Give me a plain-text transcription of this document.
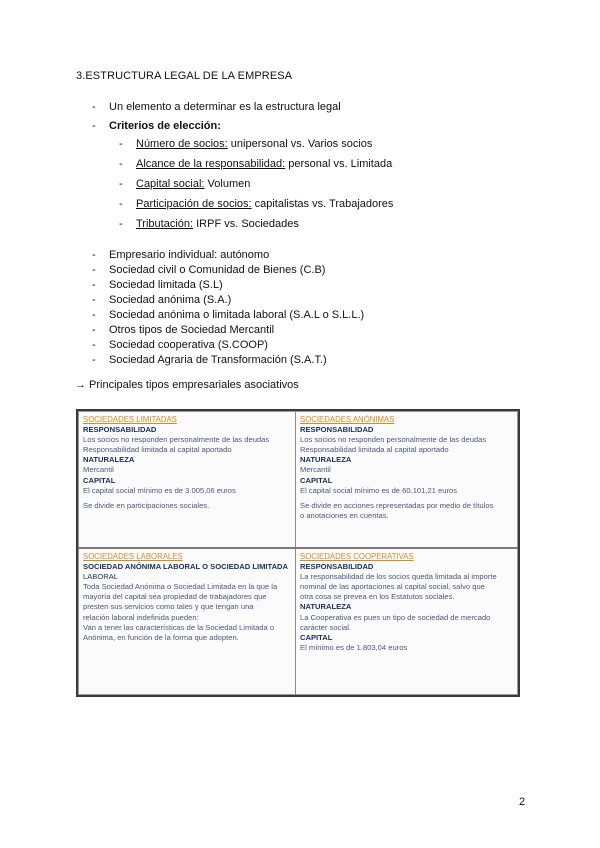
3.ESTRUCTURA LEGAL DE LA EMPRESA
- Un elemento a determinar es la estructura legal
- Criterios de elección:
- Número de socios: unipersonal vs. Varios socios
- Alcance de la responsabilidad: personal vs. Limitada
- Capital social: Volumen
- Participación de socios: capitalistas vs. Trabajadores
- Tributación: IRPF vs. Sociedades
- Empresario individual: autónomo
- Sociedad civil o Comunidad de Bienes (C.B)
- Sociedad limitada (S.L)
- Sociedad anónima (S.A.)
- Sociedad anónima o limitada laboral (S.A.L o S.L.L.)
- Otros tipos de Sociedad Mercantil
- Sociedad cooperativa (S.COOP)
- Sociedad Agraria de Transformación (S.A.T.)
→ Principales tipos empresariales asociativos
SOCIEDADES LIMITADAS
RESPONSABILIDAD
Los socios no responden personalmente de las deudas
Responsabilidad limitada al capital aportado
NATURALEZA
Mercantil
CAPITAL
El capital social mínimo es de 3.005,06 euros
Se divide en participaciones sociales.
SOCIEDADES ANÓNIMAS
RESPONSABILIDAD
Los socios no responden personalmente de las deudas
Responsabilidad limitada al capital aportado
NATURALEZA
Mercantil
CAPITAL
El capital social mínimo es de 60.101,21 euros
Se divide en acciones representadas por medio de títulos
o anotaciones en cuentas.
SOCIEDADES LABORALES
SOCIEDAD ANÓNIMA LABORAL O SOCIEDAD LIMITADA
LABORAL
Toda Sociedad Anónima o Sociedad Limitada en la que la
mayoría del capital sea propiedad de trabajadores que
presten sus servicios como tales y que tengan una
relación laboral indefinida pueden:
Van a tener las características de la Sociedad Limitada o
Anónima, en función de la forma que adopten.
SOCIEDADES COOPERATIVAS
RESPONSABILIDAD
La responsabilidad de los socios queda limitada al importe
nominal de las aportaciones al capital social, salvo que
otra cosa se prevea en los Estatutos sociales.
NATURALEZA
La Cooperativa es pues un tipo de sociedad de mercado
carácter social.
CAPITAL
El mínimo es de 1.803,04 euros
2
